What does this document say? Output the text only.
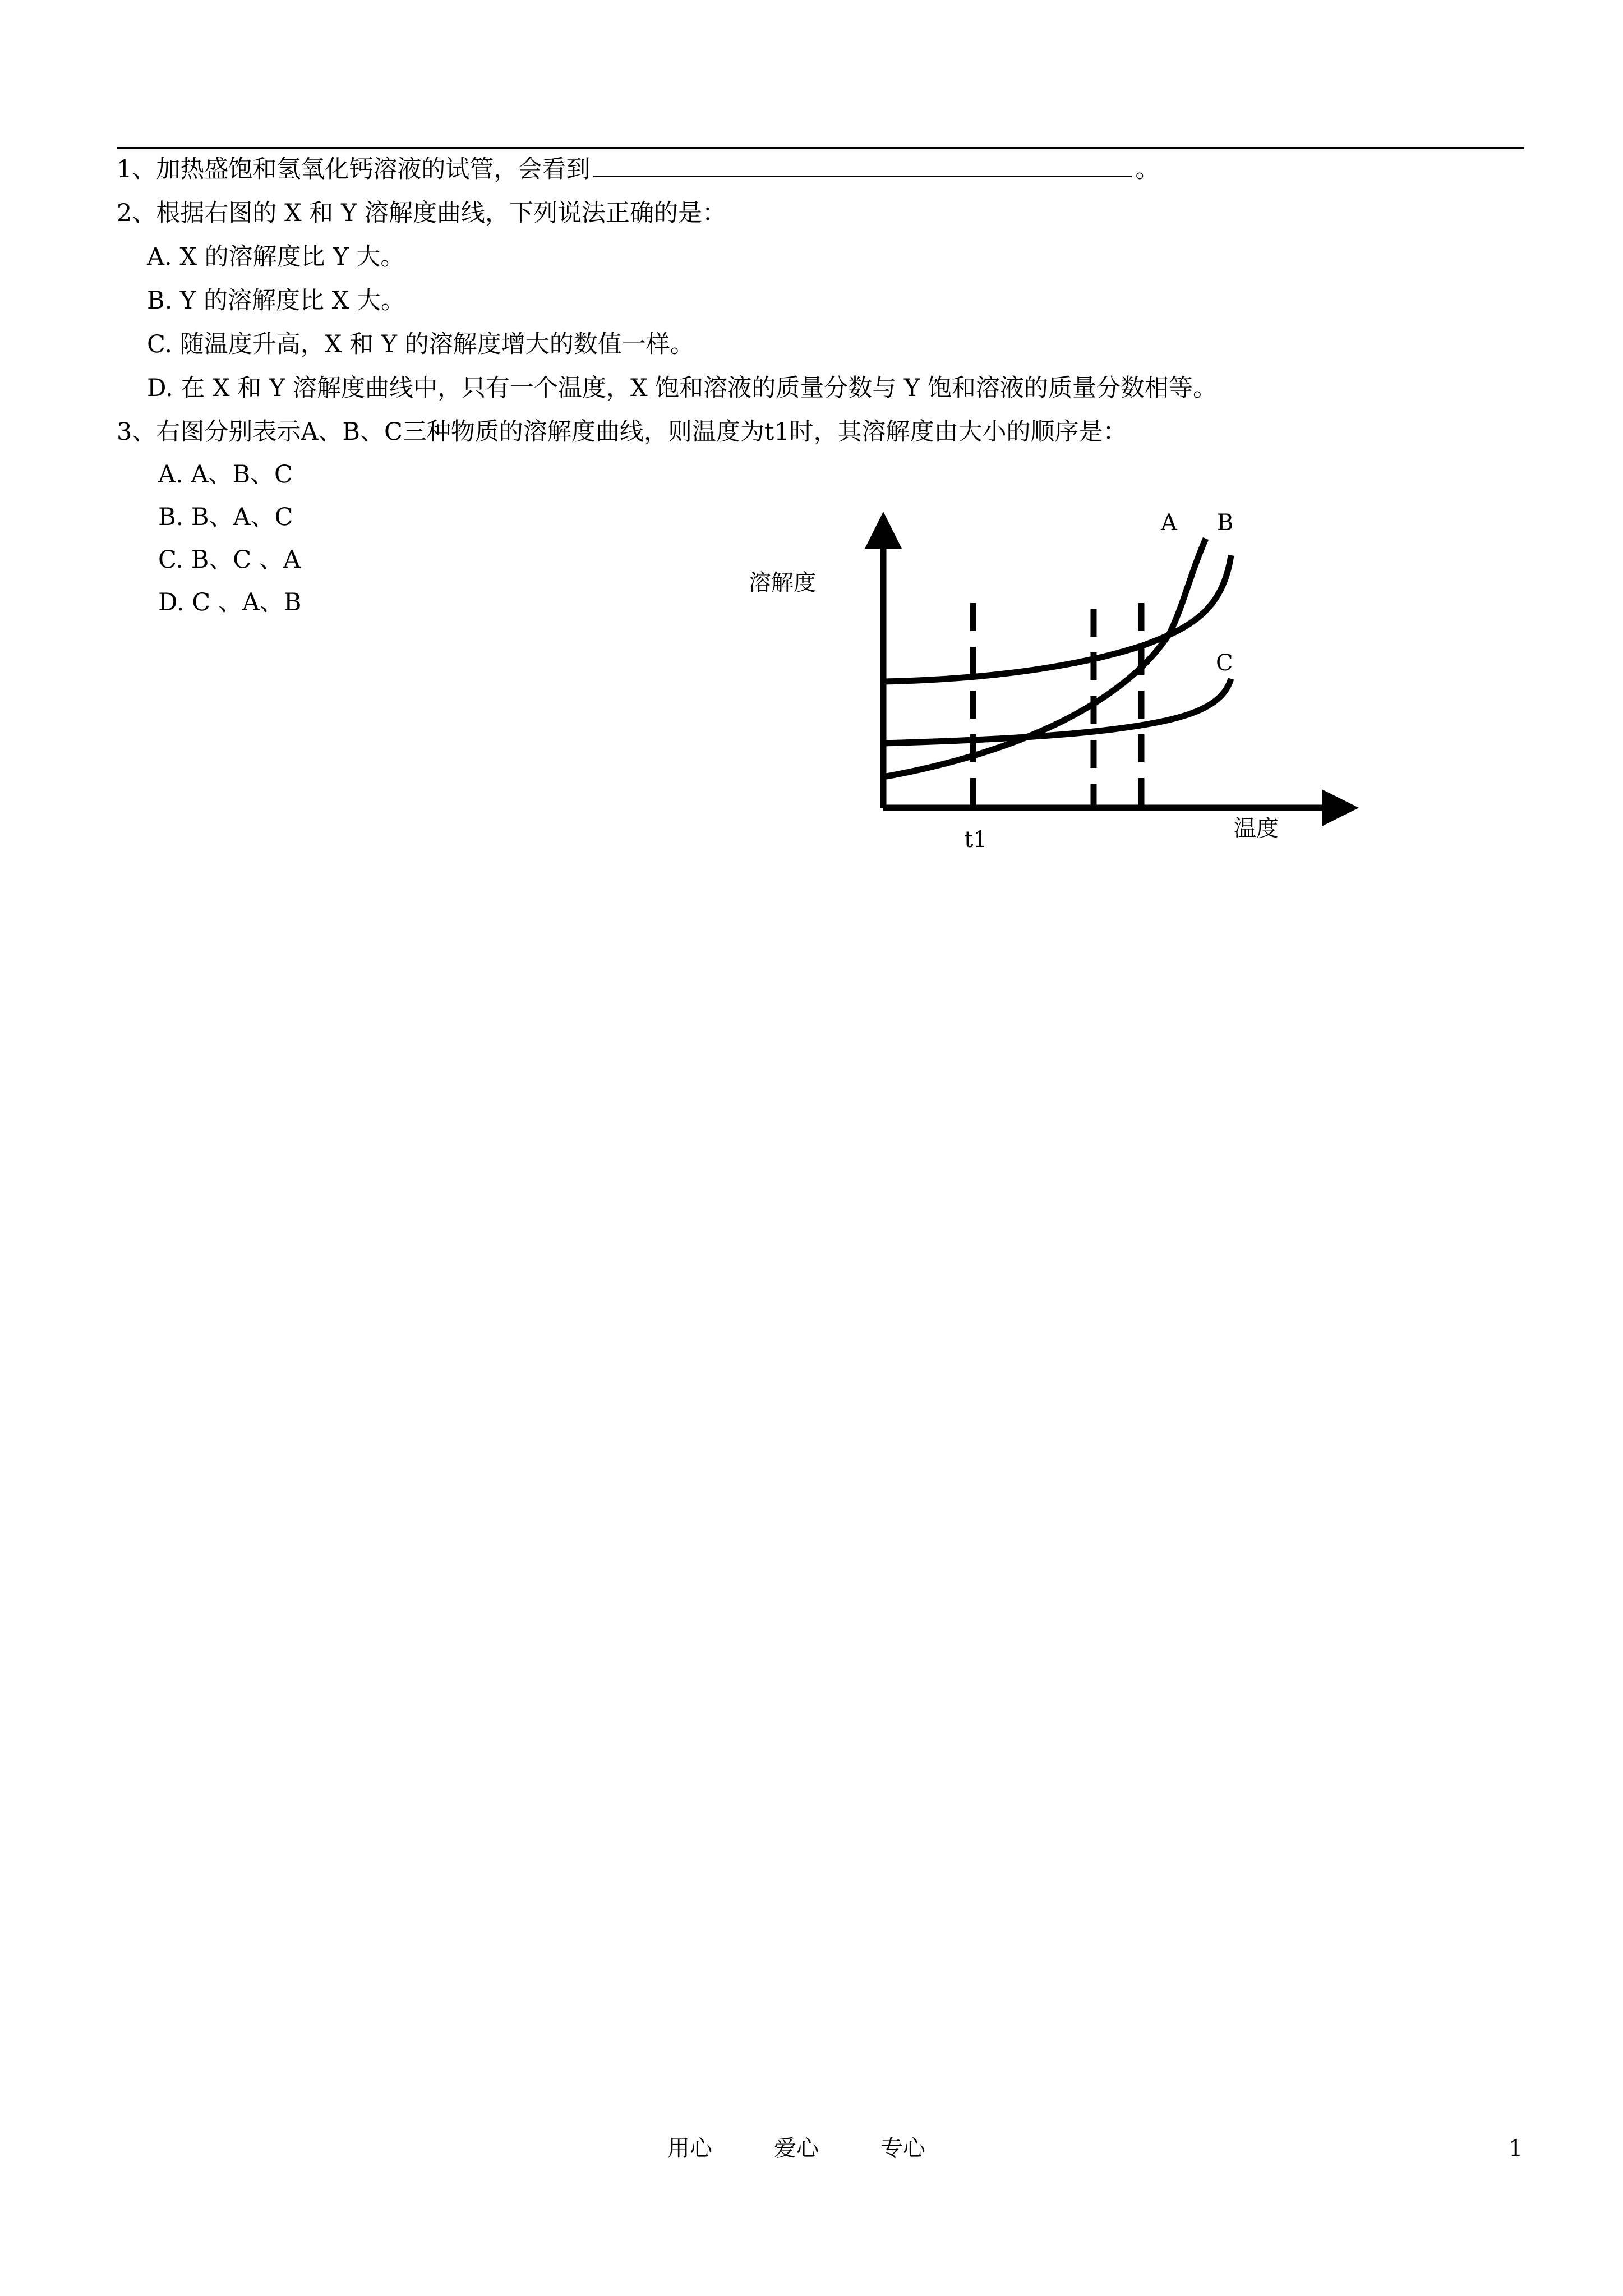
1、加热盛饱和氢氧化钙溶液的试管，会看到	。
2、根据右图的 X 和 Y 溶解度曲线，下列说法正确的是：
A. X 的溶解度比 Y 大。
B. Y 的溶解度比 X 大。
C. 随温度升高，X 和 Y 的溶解度增大的数值一样。
D. 在 X 和 Y 溶解度曲线中，只有一个温度，X 饱和溶液的质量分数与 Y 饱和溶液的质量分数相等。
3、右图分别表示A、B、C三种物质的溶解度曲线，则温度为t1时，其溶解度由大小的顺序是：
A. A、B、C
B. B、A、C
C. B、C 、A
D. C 、A、B
溶解度
温度
t1
A B
C
用心	爱心	专心	1
